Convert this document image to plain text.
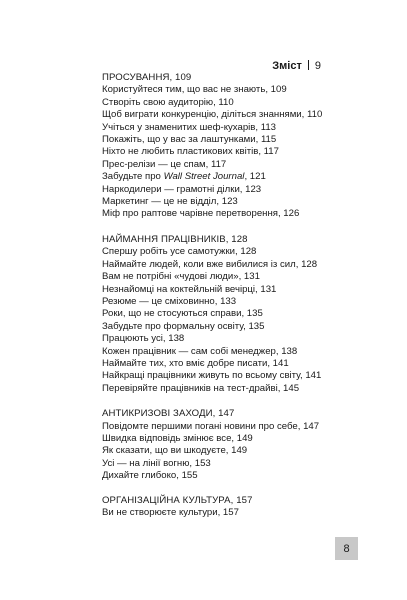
Зміст 9
ПРОСУВАННЯ, 109
Користуйтеся тим, що вас не знають, 109
Створіть свою аудиторію, 110
Щоб виграти конкуренцію, діліться знаннями, 110
Учіться у знаменитих шеф-кухарів, 113
Покажіть, що у вас за лаштунками, 115
Ніхто не любить пластикових квітів, 117
Прес-релізи — це спам, 117
Забудьте про Wall Street Journal, 121
Наркодилери — грамотні ділки, 123
Маркетинг — це не відділ, 123
Міф про раптове чарівне перетворення, 126
НАЙМАННЯ ПРАЦІВНИКІВ, 128
Спершу робіть усе самотужки, 128
Наймайте людей, коли вже вибилися із сил, 128
Вам не потрібні «чудові люди», 131
Незнайомці на коктейльній вечірці, 131
Резюме — це сміховинно, 133
Роки, що не стосуються справи, 135
Забудьте про формальну освіту, 135
Працюють усі, 138
Кожен працівник — сам собі менеджер, 138
Наймайте тих, хто вміє добре писати, 141
Найкращі працівники живуть по всьому світу, 141
Перевіряйте працівників на тест-драйві, 145
АНТИКРИЗОВІ ЗАХОДИ, 147
Повідомте першими погані новини про себе, 147
Швидка відповідь змінює все, 149
Як сказати, що ви шкодуєте, 149
Усі — на лінії вогню, 153
Дихайте глибоко, 155
ОРГАНІЗАЦІЙНА КУЛЬТУРА, 157
Ви не створюєте культури, 157
8
